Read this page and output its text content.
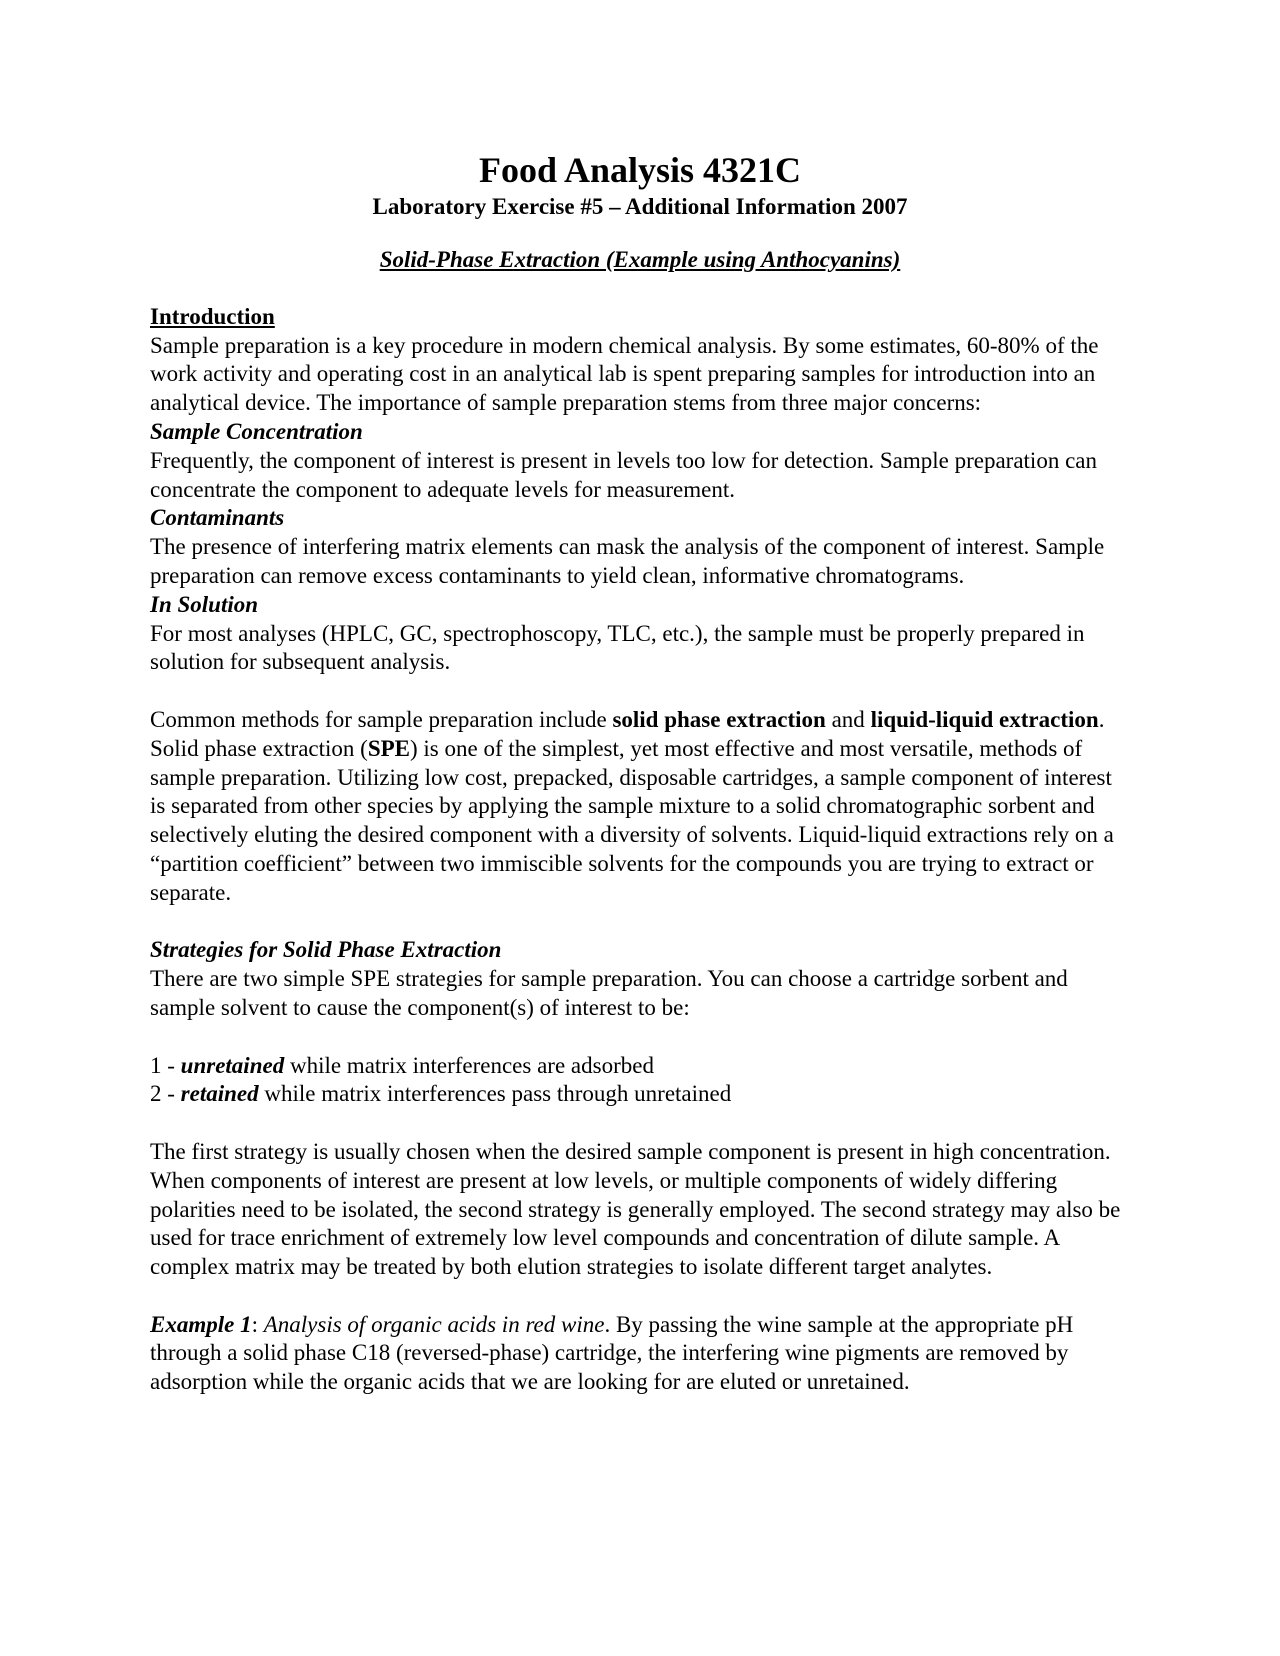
Food Analysis 4321C
Laboratory Exercise #5 – Additional Information 2007
Solid-Phase Extraction (Example using Anthocyanins)
Introduction

Sample preparation is a key procedure in modern chemical analysis. By some estimates, 60-80% of the work activity and operating cost in an analytical lab is spent preparing samples for introduction into an analytical device. The importance of sample preparation stems from three major concerns:

Sample Concentration

Frequently, the component of interest is present in levels too low for detection. Sample preparation can concentrate the component to adequate levels for measurement.

Contaminants

The presence of interfering matrix elements can mask the analysis of the component of interest. Sample preparation can remove excess contaminants to yield clean, informative chromatograms.

In Solution

For most analyses (HPLC, GC, spectrophoscopy, TLC, etc.), the sample must be properly prepared in solution for subsequent analysis.

Common methods for sample preparation include solid phase extraction and liquid-liquid extraction. Solid phase extraction (SPE) is one of the simplest, yet most effective and most versatile, methods of sample preparation. Utilizing low cost, prepacked, disposable cartridges, a sample component of interest is separated from other species by applying the sample mixture to a solid chromatographic sorbent and selectively eluting the desired component with a diversity of solvents. Liquid-liquid extractions rely on a “partition coefficient” between two immiscible solvents for the compounds you are trying to extract or separate.

Strategies for Solid Phase Extraction

There are two simple SPE strategies for sample preparation. You can choose a cartridge sorbent and sample solvent to cause the component(s) of interest to be:

1 - unretained while matrix interferences are adsorbed
2 - retained while matrix interferences pass through unretained

The first strategy is usually chosen when the desired sample component is present in high concentration. When components of interest are present at low levels, or multiple components of widely differing polarities need to be isolated, the second strategy is generally employed. The second strategy may also be used for trace enrichment of extremely low level compounds and concentration of dilute sample. A complex matrix may be treated by both elution strategies to isolate different target analytes.

Example 1: Analysis of organic acids in red wine. By passing the wine sample at the appropriate pH through a solid phase C18 (reversed-phase) cartridge, the interfering wine pigments are removed by adsorption while the organic acids that we are looking for are eluted or unretained.
